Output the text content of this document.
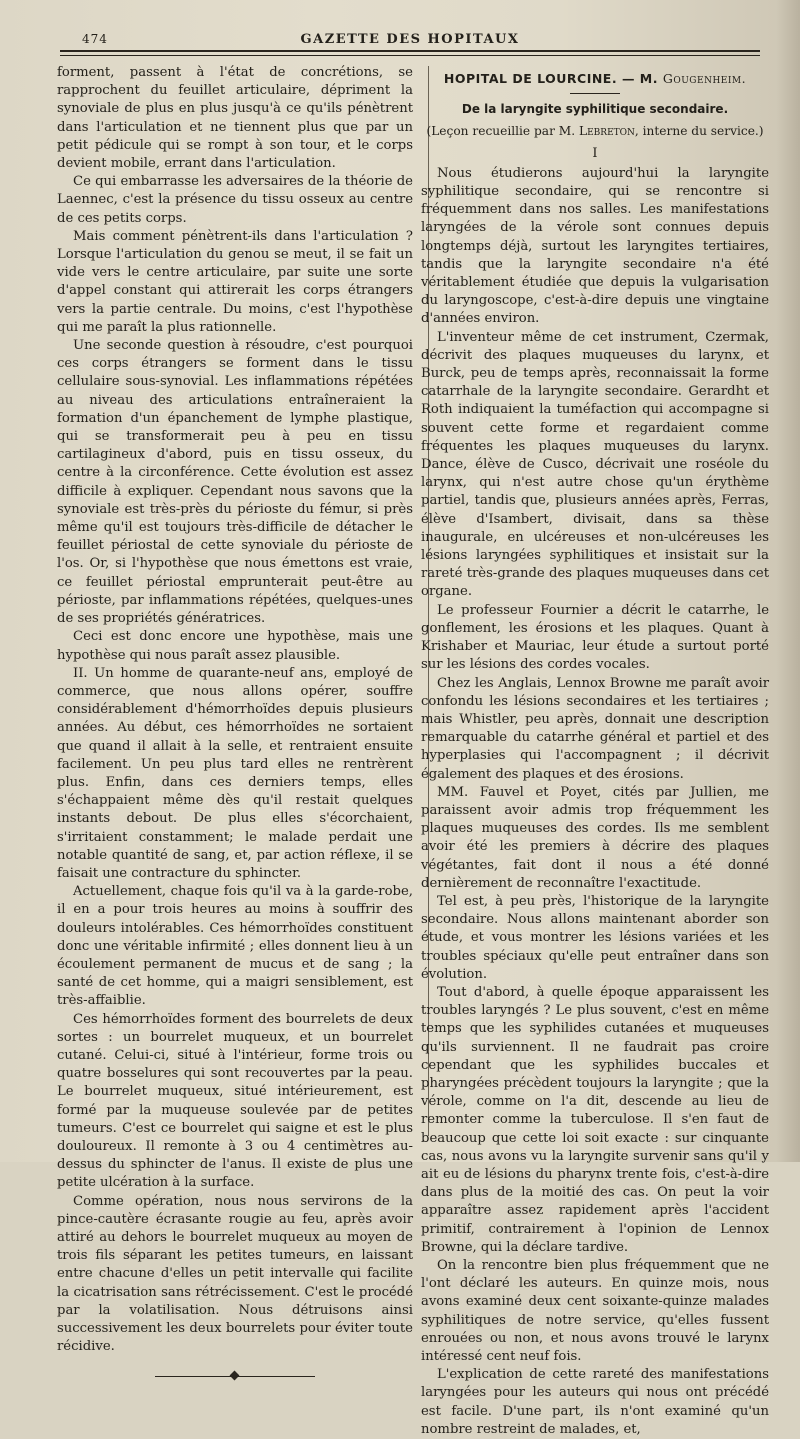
474	GAZETTE DES HOPITAUX

forment, passent à l'état de concrétions, se rapprochent du feuillet articulaire, dépriment la synoviale de plus en plus jusqu'à ce qu'ils pénètrent dans l'articulation et ne tiennent plus que par un petit pédicule qui se rompt à son tour, et le corps devient mobile, errant dans l'articulation.

Ce qui embarrasse les adversaires de la théorie de Laennec, c'est la présence du tissu osseux au centre de ces petits corps.

Mais comment pénètrent-ils dans l'articulation ? Lorsque l'articulation du genou se meut, il se fait un vide vers le centre articulaire, par suite une sorte d'appel constant qui attirerait les corps étrangers vers la partie centrale. Du moins, c'est l'hypothèse qui me paraît la plus rationnelle.

Une seconde question à résoudre, c'est pourquoi ces corps étrangers se forment dans le tissu cellulaire sous-synovial. Les inflammations répétées au niveau des articulations entraîneraient la formation d'un épanchement de lymphe plastique, qui se transformerait peu à peu en tissu cartilagineux d'abord, puis en tissu osseux, du centre à la circonférence. Cette évolution est assez difficile à expliquer. Cependant nous savons que la synoviale est très-près du périoste du fémur, si près même qu'il est toujours très-difficile de détacher le feuillet périostal de cette synoviale du périoste de l'os. Or, si l'hypothèse que nous émettons est vraie, ce feuillet périostal emprunterait peut-être au périoste, par inflammations répétées, quelques-unes de ses propriétés génératrices.

Ceci est donc encore une hypothèse, mais une hypothèse qui nous paraît assez plausible.

II. Un homme de quarante-neuf ans, employé de commerce, que nous allons opérer, souffre considérablement d'hémorrhoïdes depuis plusieurs années. Au début, ces hémorrhoïdes ne sortaient que quand il allait à la selle, et rentraient ensuite facilement. Un peu plus tard elles ne rentrèrent plus. Enfin, dans ces derniers temps, elles s'échappaient même dès qu'il restait quelques instants debout. De plus elles s'écorchaient, s'irritaient constamment; le malade perdait une notable quantité de sang, et, par action réflexe, il se faisait une contracture du sphincter.

Actuellement, chaque fois qu'il va à la garde-robe, il en a pour trois heures au moins à souffrir des douleurs intolérables. Ces hémorrhoïdes constituent donc une véritable infirmité ; elles donnent lieu à un écoulement permanent de mucus et de sang ; la santé de cet homme, qui a maigri sensiblement, est très-affaiblie.

Ces hémorrhoïdes forment des bourrelets de deux sortes : un bourrelet muqueux, et un bourrelet cutané. Celui-ci, situé à l'intérieur, forme trois ou quatre bosselures qui sont recouvertes par la peau. Le bourrelet muqueux, situé intérieurement, est formé par la muqueuse soulevée par de petites tumeurs. C'est ce bourrelet qui saigne et est le plus douloureux. Il remonte à 3 ou 4 centimètres au-dessus du sphincter de l'anus. Il existe de plus une petite ulcération à la surface.

Comme opération, nous nous servirons de la pince-cautère écrasante rougie au feu, après avoir attiré au dehors le bourrelet muqueux au moyen de trois fils séparant les petites tumeurs, en laissant entre chacune d'elles un petit intervalle qui facilite la cicatrisation sans rétrécissement. C'est le procédé par la volatilisation. Nous détruisons ainsi successivement les deux bourrelets pour éviter toute récidive.

HOPITAL DE LOURCINE. — M. Gougenheim.
De la laryngite syphilitique secondaire.
(Leçon recueillie par M. Lebreton, interne du service.)
I

Nous étudierons aujourd'hui la laryngite syphilitique secondaire, qui se rencontre si fréquemment dans nos salles. Les manifestations laryngées de la vérole sont connues depuis longtemps déjà, surtout les laryngites tertiaires, tandis que la laryngite secondaire n'a été véritablement étudiée que depuis la vulgarisation du laryngoscope, c'est-à-dire depuis une vingtaine d'années environ.

L'inventeur même de cet instrument, Czermak, décrivit des plaques muqueuses du larynx, et Burck, peu de temps après, reconnaissait la forme catarrhale de la laryngite secondaire. Gerardht et Roth indiquaient la tuméfaction qui accompagne si souvent cette forme et regardaient comme fréquentes les plaques muqueuses du larynx. Dance, élève de Cusco, décrivait une roséole du larynx, qui n'est autre chose qu'un érythème partiel, tandis que, plusieurs années après, Ferras, élève d'Isambert, divisait, dans sa thèse inaugurale, en ulcéreuses et non-ulcéreuses les lésions laryngées syphilitiques et insistait sur la rareté très-grande des plaques muqueuses dans cet organe.

Le professeur Fournier a décrit le catarrhe, le gonflement, les érosions et les plaques. Quant à Krishaber et Mauriac, leur étude a surtout porté sur les lésions des cordes vocales.

Chez les Anglais, Lennox Browne me paraît avoir confondu les lésions secondaires et les tertiaires ; mais Whistler, peu après, donnait une description remarquable du catarrhe général et partiel et des hyperplasies qui l'accompagnent ; il décrivit également des plaques et des érosions.

MM. Fauvel et Poyet, cités par Jullien, me paraissent avoir admis trop fréquemment les plaques muqueuses des cordes. Ils me semblent avoir été les premiers à décrire des plaques végétantes, fait dont il nous a été donné dernièrement de reconnaître l'exactitude.

Tel est, à peu près, l'historique de la laryngite secondaire. Nous allons maintenant aborder son étude, et vous montrer les lésions variées et les troubles spéciaux qu'elle peut entraîner dans son évolution.

Tout d'abord, à quelle époque apparaissent les troubles laryngés ? Le plus souvent, c'est en même temps que les syphilides cutanées et muqueuses qu'ils surviennent. Il ne faudrait pas croire cependant que les syphilides buccales et pharyngées précèdent toujours la laryngite ; que la vérole, comme on l'a dit, descende au lieu de remonter comme la tuberculose. Il s'en faut de beaucoup que cette loi soit exacte : sur cinquante cas, nous avons vu la laryngite survenir sans qu'il y ait eu de lésions du pharynx trente fois, c'est-à-dire dans plus de la moitié des cas. On peut la voir apparaître assez rapidement après l'accident primitif, contrairement à l'opinion de Lennox Browne, qui la déclare tardive.

On la rencontre bien plus fréquemment que ne l'ont déclaré les auteurs. En quinze mois, nous avons examiné deux cent soixante-quinze malades syphilitiques de notre service, qu'elles fussent enrouées ou non, et nous avons trouvé le larynx intéressé cent neuf fois.

L'explication de cette rareté des manifestations laryngées pour les auteurs qui nous ont précédé est facile. D'une part, ils n'ont examiné qu'un nombre restreint de malades, et,
